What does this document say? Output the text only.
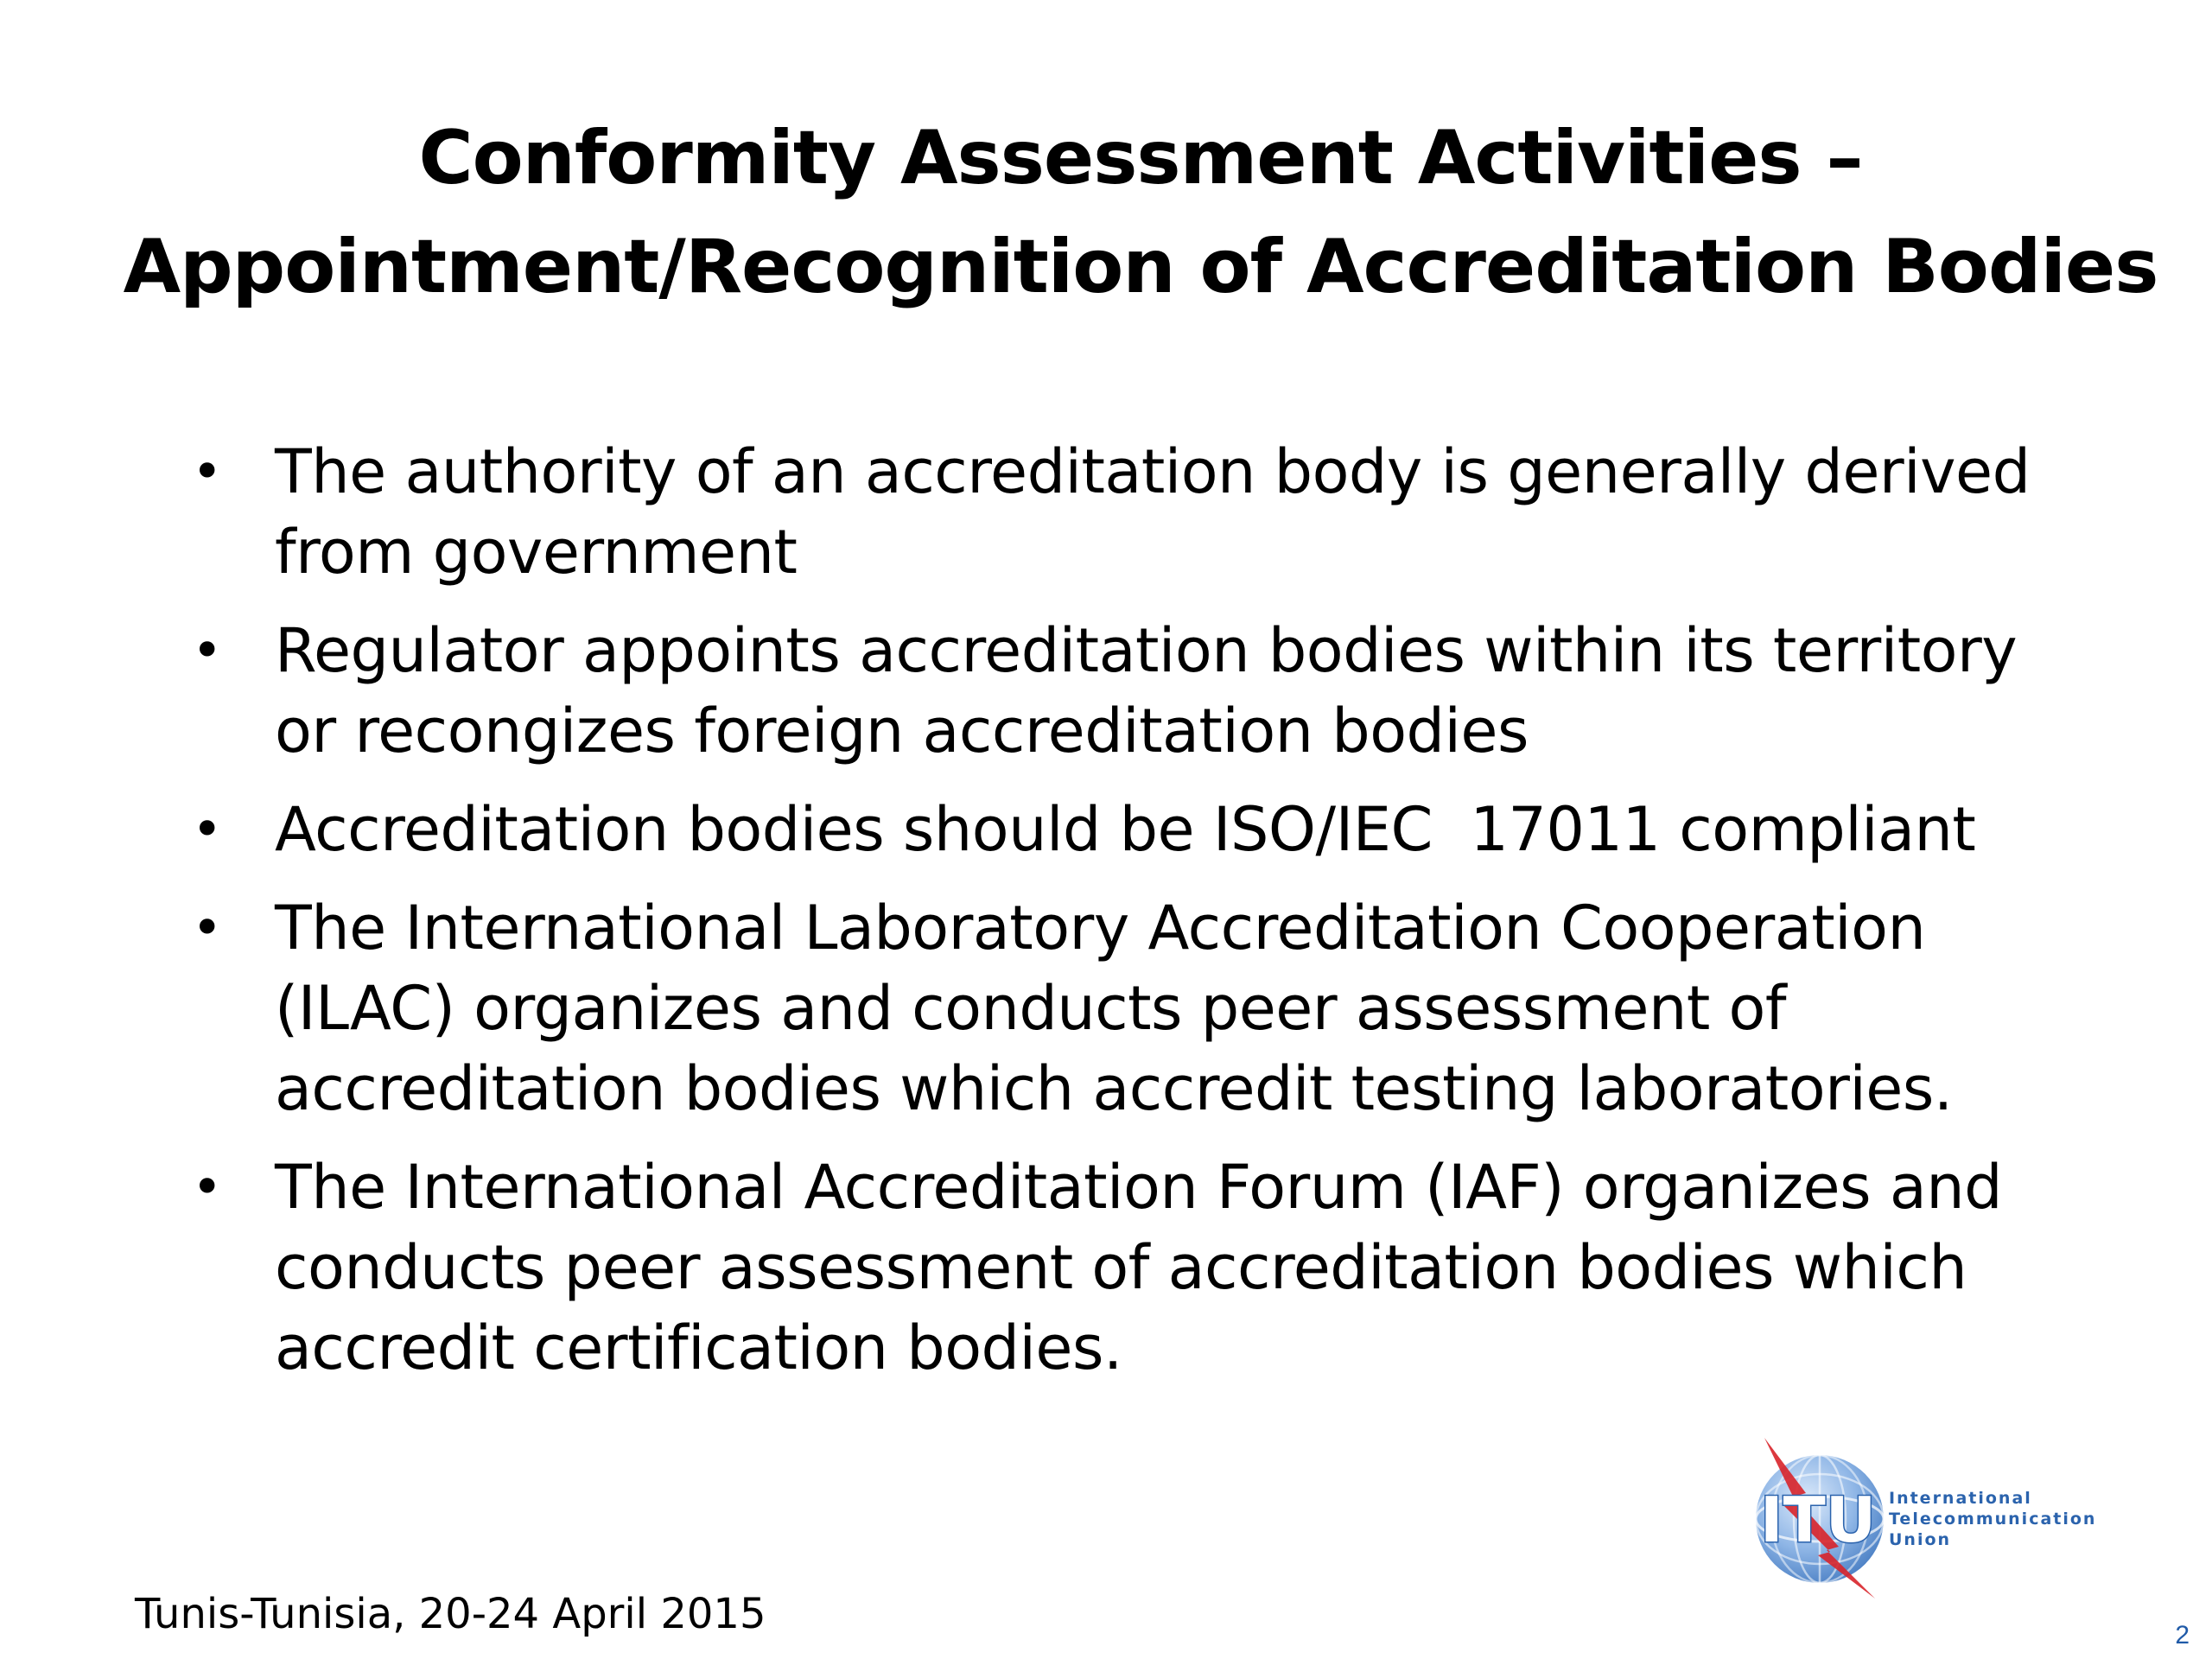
Conformity Assessment Activities –
Appointment/Recognition of Accreditation Bodies
• The authority of an accreditation body is generally derived
from government
• Regulator appoints accreditation bodies within its territory
or recongizes foreign accreditation bodies
• Accreditation bodies should be ISO/IEC  17011 compliant
• The International Laboratory Accreditation Cooperation
(ILAC) organizes and conducts peer assessment of
accreditation bodies which accredit testing laboratories.
• The International Accreditation Forum (IAF) organizes and
conducts peer assessment of accreditation bodies which
accredit certification bodies.
ITU International
Telecommunication
Union
Tunis-Tunisia, 20-24 April 2015	2
